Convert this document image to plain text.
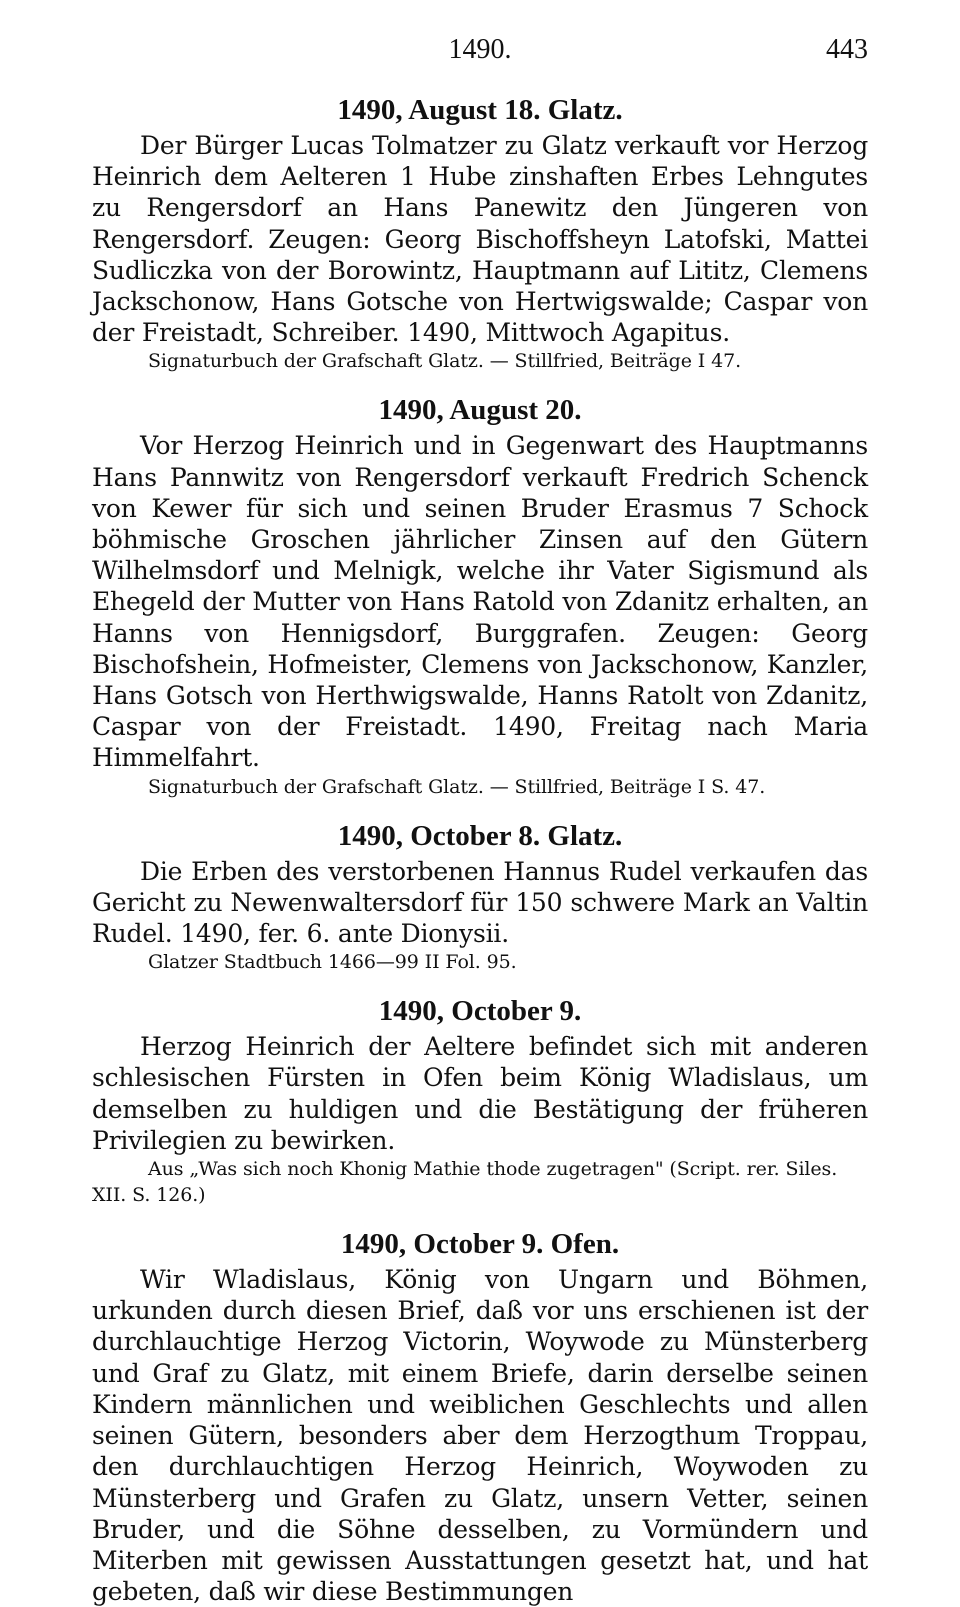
1490.	443
1490, August 18. Glatz.

Der Bürger Lucas Tolmatzer zu Glatz verkauft vor Herzog Heinrich dem Aelteren 1 Hube zinshaften Erbes Lehngutes zu Rengersdorf an Hans Panewitz den Jüngeren von Rengersdorf. Zeugen: Georg Bischoffsheyn Latofski, Mattei Sudliczka von der Borowintz, Hauptmann auf Lititz, Clemens Jackschonow, Hans Gotsche von Hertwigswalde; Caspar von der Freistadt, Schreiber. 1490, Mittwoch Agapitus.

Signaturbuch der Grafschaft Glatz. — Stillfried, Beiträge I 47.

1490, August 20.

Vor Herzog Heinrich und in Gegenwart des Hauptmanns Hans Pannwitz von Rengersdorf verkauft Fredrich Schenck von Kewer für sich und seinen Bruder Erasmus 7 Schock böhmische Groschen jährlicher Zinsen auf den Gütern Wilhelmsdorf und Melnigk, welche ihr Vater Sigismund als Ehegeld der Mutter von Hans Ratold von Zdanitz erhalten, an Hanns von Hennigsdorf, Burggrafen. Zeugen: Georg Bischofshein, Hofmeister, Clemens von Jackschonow, Kanzler, Hans Gotsch von Herthwigswalde, Hanns Ratolt von Zdanitz, Caspar von der Freistadt. 1490, Freitag nach Maria Himmelfahrt.

Signaturbuch der Grafschaft Glatz. — Stillfried, Beiträge I S. 47.

1490, October 8. Glatz.

Die Erben des verstorbenen Hannus Rudel verkaufen das Gericht zu Newenwaltersdorf für 150 schwere Mark an Valtin Rudel. 1490, fer. 6. ante Dionysii.

Glatzer Stadtbuch 1466—99 II Fol. 95.

1490, October 9.

Herzog Heinrich der Aeltere befindet sich mit anderen schlesischen Fürsten in Ofen beim König Wladislaus, um demselben zu huldigen und die Bestätigung der früheren Privilegien zu bewirken.

Aus „Was sich noch Khonig Mathie thode zugetragen" (Script. rer. Siles. XII. S. 126.)

1490, October 9. Ofen.

Wir Wladislaus, König von Ungarn und Böhmen, urkunden durch diesen Brief, daß vor uns erschienen ist der durchlauchtige Herzog Victorin, Woywode zu Münsterberg und Graf zu Glatz, mit einem Briefe, darin derselbe seinen Kindern männlichen und weiblichen Geschlechts und allen seinen Gütern, besonders aber dem Herzogthum Troppau, den durchlauchtigen Herzog Heinrich, Woywoden zu Münsterberg und Grafen zu Glatz, unsern Vetter, seinen Bruder, und die Söhne desselben, zu Vormündern und Miterben mit gewissen Ausstattungen gesetzt hat, und hat gebeten, daß wir diese Bestimmungen
